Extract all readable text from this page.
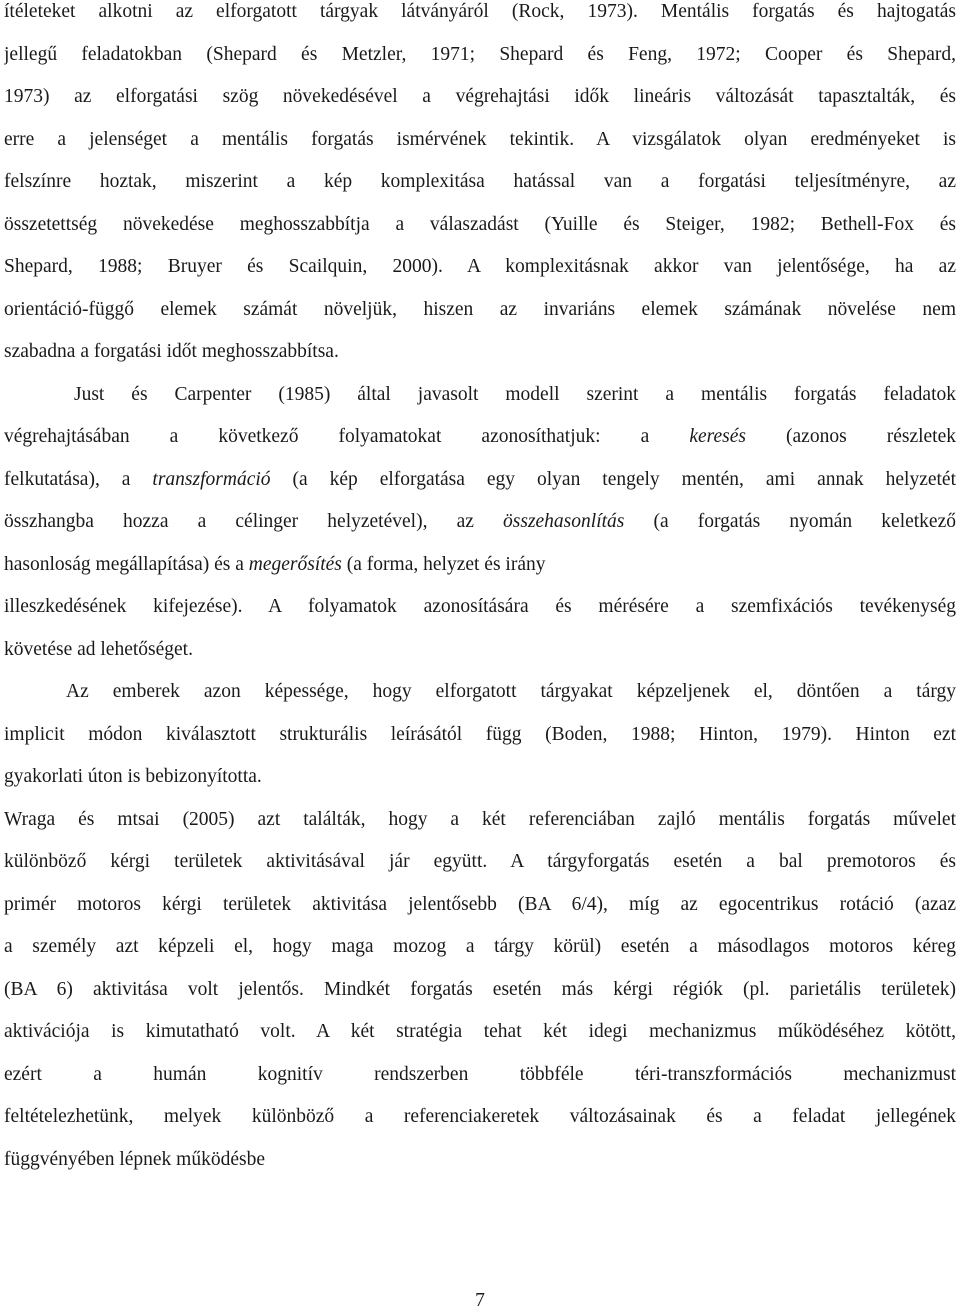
ítéleteket alkotni az elforgatott tárgyak látványáról (Rock, 1973). Mentális forgatás és hajtogatás
jellegű feladatokban (Shepard és Metzler, 1971; Shepard és Feng, 1972; Cooper és Shepard,
1973) az elforgatási szög növekedésével a végrehajtási idők lineáris változását tapasztalták, és
erre a jelenséget a mentális forgatás ismérvének tekintik. A vizsgálatok olyan eredményeket is
felszínre hoztak, miszerint a kép komplexitása hatással van a forgatási teljesítményre, az
összetettség növekedése meghosszabbítja a válaszadást (Yuille és Steiger, 1982; Bethell-Fox és
Shepard, 1988; Bruyer és Scailquin, 2000). A komplexitásnak akkor van jelentősége, ha az
orientáció-függő elemek számát növeljük, hiszen az invariáns elemek számának növelése nem
szabadna a forgatási időt meghosszabbítsa.
Just és Carpenter (1985) által javasolt modell szerint a mentális forgatás feladatok
végrehajtásában a következő folyamatokat azonosíthatjuk: a keresés (azonos részletek
felkutatása), a transzformáció (a kép elforgatása egy olyan tengely mentén, ami annak helyzetét
összhangba hozza a célinger helyzetével), az összehasonlítás (a forgatás nyomán keletkező
hasonloság megállapítása) és a megerősítés (a forma, helyzet és irány
illeszkedésének kifejezése). A folyamatok azonosítására és mérésére a szemfixációs tevékenység
követése ad lehetőséget.
Az emberek azon képessége, hogy elforgatott tárgyakat képzeljenek el, döntően a tárgy
implicit módon kiválasztott strukturális leírásától függ (Boden, 1988; Hinton, 1979). Hinton ezt
gyakorlati úton is bebizonyította.
Wraga és mtsai (2005) azt találták, hogy a két referenciában zajló mentális forgatás művelet
különböző kérgi területek aktivitásával jár együtt. A tárgyforgatás esetén a bal premotoros és
primér motoros kérgi területek aktivitása jelentősebb (BA 6/4), míg az egocentrikus rotáció (azaz
a személy azt képzeli el, hogy maga mozog a tárgy körül) esetén a másodlagos motoros kéreg
(BA 6) aktivitása volt jelentős. Mindkét forgatás esetén más kérgi régiók (pl. parietális területek)
aktivációja is kimutatható volt. A két stratégia tehat két idegi mechanizmus működéséhez kötött,
ezért a humán kognitív rendszerben többféle téri-transzformációs mechanizmust
feltételezhetünk, melyek különböző a referenciakeretek változásainak és a feladat jellegének
függvényében lépnek működésbe
7
